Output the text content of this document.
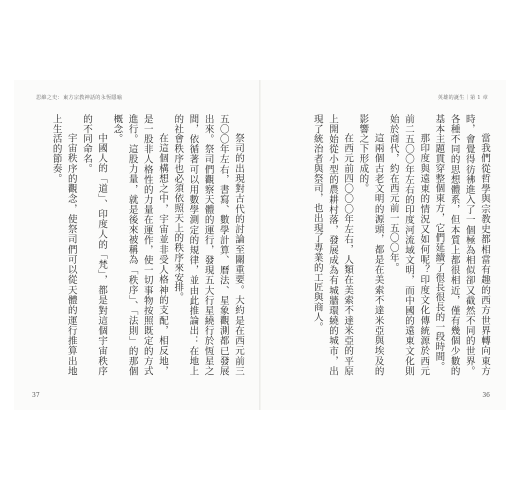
思維之史：東方宗教神話的永恆隱喻

祭司的出現對古代的討論至關重要。大約是在西元前三五〇〇年左右，書寫、數學計算、曆法、星象觀測都已發展出來。祭司們觀察天體的運行，發現五大行星繞行於恆星之間，依循著可以用數學測定的規律，並由此推論出：在地上的社會秩序也必須依照天上的秩序來安排。

在這個構想之中，宇宙並非受人格神的支配，相反地，是一股非人格性的力量在運作，使一切事物按照既定的方式進行。這股力量，就是後來被稱為「秩序」、「法則」的那個概念。

中國人的「道」、印度人的「梵」，都是對這個宇宙秩序的不同命名。

宇宙秩序的觀念，使祭司們可以從天體的運行推算出地上生活的節奏。

37
英雄的誕生｜第 1 章

當我們從哲學與宗教史都相當有趣的西方世界轉向東方時，會覺得彷彿進入了一個極為相似卻又截然不同的世界。各種不同的思想體系，但本質上都很相近，僅有幾個少數的基本主題貫穿整個東方，它們延續了很長很長的一段時間。

那印度與遠東的情況又如何呢？印度文化傳統源於西元前二五〇〇年左右的印度河流域文明，而中國的遠東文化則始於商代，約在西元前一五〇〇年。

這兩個古老文明的源頭，都是在美索不達米亞與埃及的影響之下形成的。

在西元前四〇〇〇年左右，人類在美索不達米亞的平原上開始從小型的農耕村落，發展成為有城牆環繞的城市，出現了統治者與祭司，也出現了專業的工匠與商人。

36
